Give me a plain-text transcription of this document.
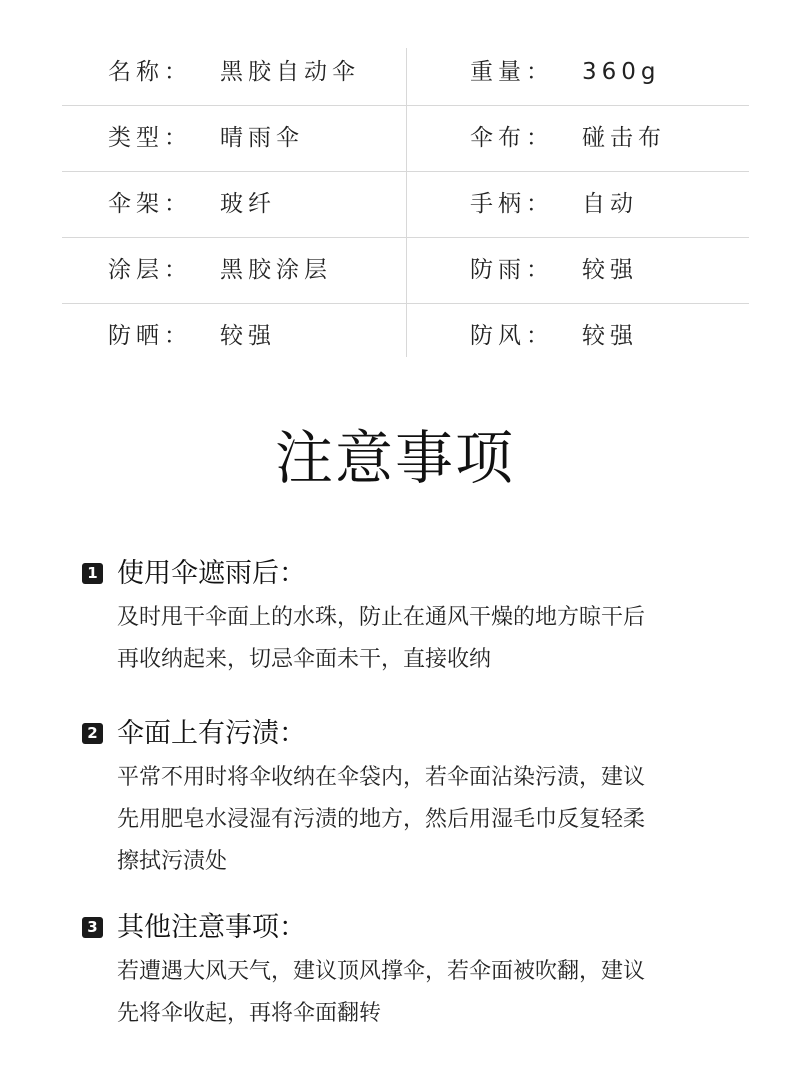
名称： 黑胶自动伞	重量： 360g
类型： 晴雨伞	伞布： 碰击布
伞架： 玻纤	手柄： 自动
涂层： 黑胶涂层	防雨： 较强
防晒： 较强	防风： 较强
注意事项
1 使用伞遮雨后：
及时甩干伞面上的水珠，防止在通风干燥的地方晾干后
再收纳起来，切忌伞面未干，直接收纳
2 伞面上有污渍：
平常不用时将伞收纳在伞袋内，若伞面沾染污渍，建议
先用肥皂水浸湿有污渍的地方，然后用湿毛巾反复轻柔
擦拭污渍处
3 其他注意事项：
若遭遇大风天气，建议顶风撑伞，若伞面被吹翻，建议
先将伞收起，再将伞面翻转
